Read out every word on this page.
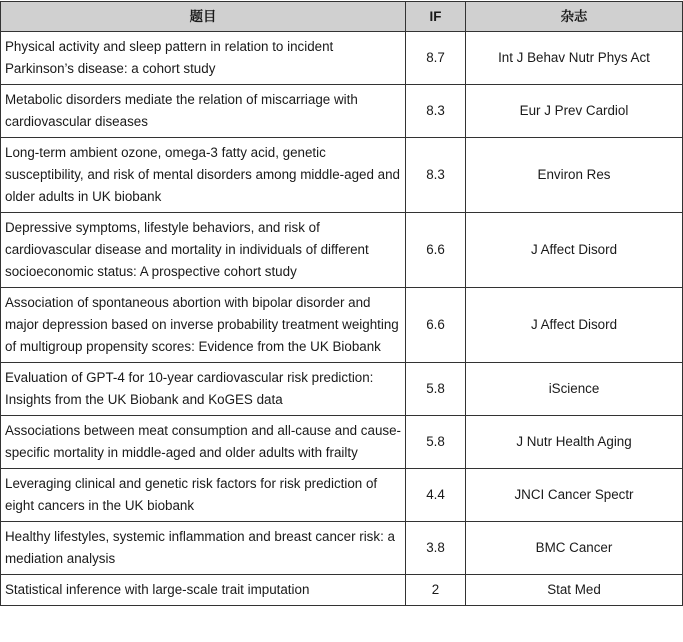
题目	IF	杂志
Physical activity and sleep pattern in relation to incident Parkinson’s disease: a cohort study	8.7	Int J Behav Nutr Phys Act
Metabolic disorders mediate the relation of miscarriage with cardiovascular diseases	8.3	Eur J Prev Cardiol
Long-term ambient ozone, omega-3 fatty acid, genetic susceptibility, and risk of mental disorders among middle-aged and older adults in UK biobank	8.3	Environ Res
Depressive symptoms, lifestyle behaviors, and risk of cardiovascular disease and mortality in individuals of different socioeconomic status: A prospective cohort study	6.6	J Affect Disord
Association of spontaneous abortion with bipolar disorder and major depression based on inverse probability treatment weighting of multigroup propensity scores: Evidence from the UK Biobank	6.6	J Affect Disord
Evaluation of GPT-4 for 10-year cardiovascular risk prediction: Insights from the UK Biobank and KoGES data	5.8	iScience
Associations between meat consumption and all-cause and cause-specific mortality in middle-aged and older adults with frailty	5.8	J Nutr Health Aging
Leveraging clinical and genetic risk factors for risk prediction of eight cancers in the UK biobank	4.4	JNCI Cancer Spectr
Healthy lifestyles, systemic inflammation and breast cancer risk: a mediation analysis	3.8	BMC Cancer
Statistical inference with large-scale trait imputation	2	Stat Med
